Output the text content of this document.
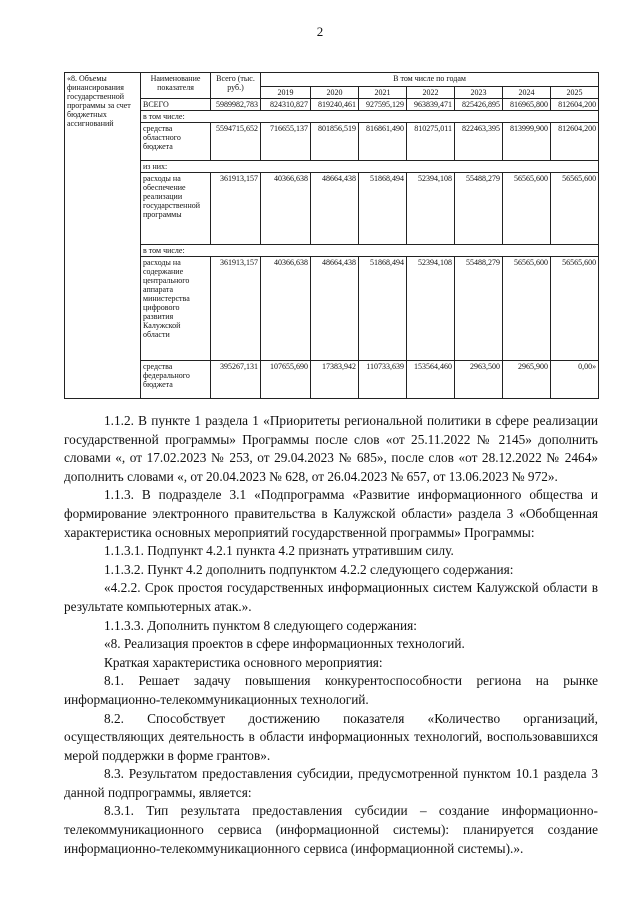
2
«8. Объемы финансирования государственной программы за счет бюджетных ассигнований	Наименование показателя	Всего (тыс. руб.)	В том числе по годам						
			2019	2020	2021	2022	2023	2024	2025
	ВСЕГО	5989982,783	824310,827	819240,461	927595,129	963839,471	825426,895	816965,800	812604,200
	в том числе:								
	средства областного бюджета	5594715,652	716655,137	801856,519	816861,490	810275,011	822463,395	813999,900	812604,200
	из них:								
	расходы на обеспечение реализации государственной программы	361913,157	40366,638	48664,438	51868,494	52394,108	55488,279	56565,600	56565,600
	в том числе:								
	расходы на содержание центрального аппарата министерства цифрового развития Калужской области	361913,157	40366,638	48664,438	51868,494	52394,108	55488,279	56565,600	56565,600
	средства федерального бюджета	395267,131	107655,690	17383,942	110733,639	153564,460	2963,500	2965,900	0,00»

1.1.2. В пункте 1 раздела 1 «Приоритеты региональной политики в сфере реализации государственной программы» Программы после слов «от 25.11.2022 № 2145» дополнить словами «, от 17.02.2023 № 253, от 29.04.2023 № 685», после слов «от 28.12.2022 № 2464» дополнить словами «, от 20.04.2023 № 628, от 26.04.2023 № 657, от 13.06.2023 № 972».

1.1.3. В подразделе 3.1 «Подпрограмма «Развитие информационного общества и формирование электронного правительства в Калужской области» раздела 3 «Обобщенная характеристика основных мероприятий государственной программы» Программы:

1.1.3.1. Подпункт 4.2.1 пункта 4.2 признать утратившим силу.

1.1.3.2. Пункт 4.2 дополнить подпунктом 4.2.2 следующего содержания:

«4.2.2. Срок простоя государственных информационных систем Калужской области в результате компьютерных атак.».

1.1.3.3. Дополнить пунктом 8 следующего содержания:

«8. Реализация проектов в сфере информационных технологий.

Краткая характеристика основного мероприятия:

8.1. Решает задачу повышения конкурентоспособности региона на рынке информационно-телекоммуникационных технологий.

8.2. Способствует достижению показателя «Количество организаций, осуществляющих деятельность в области информационных технологий, воспользовавшихся мерой поддержки в форме грантов».

8.3. Результатом предоставления субсидии, предусмотренной пунктом 10.1 раздела 3 данной подпрограммы, является:

8.3.1. Тип результата предоставления субсидии – создание информационно-телекоммуникационного сервиса (информационной системы): планируется создание информационно-телекоммуникационного сервиса (информационной системы).».
